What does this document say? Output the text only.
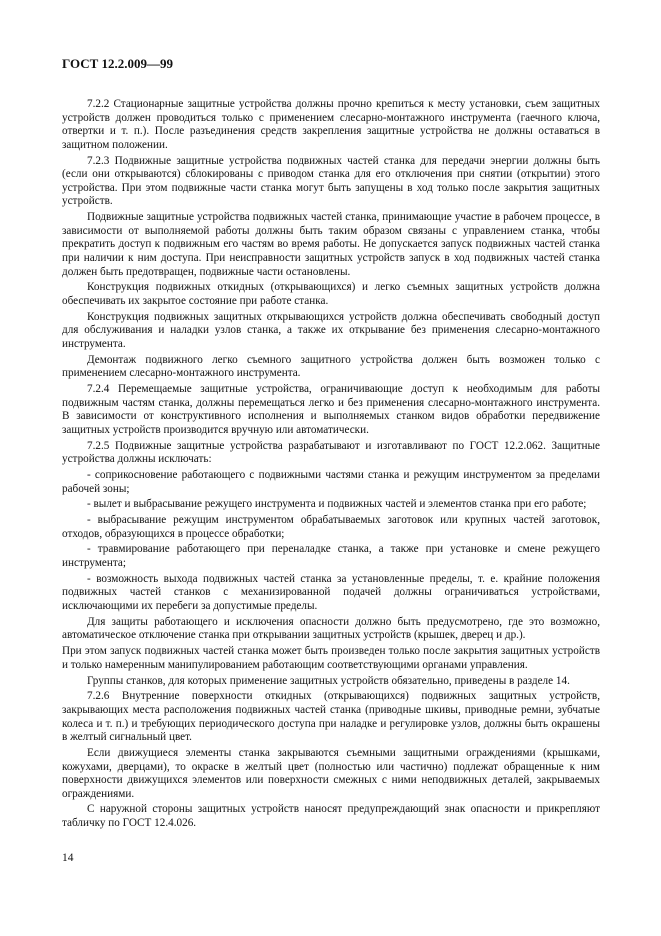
ГОСТ 12.2.009—99

7.2.2 Стационарные защитные устройства должны прочно крепиться к месту установки, съем защитных устройств должен проводиться только с применением слесарно-монтажного инструмента (гаечного ключа, отвертки и т. п.). После разъединения средств закрепления защитные устройства не должны оставаться в защитном положении.

7.2.3 Подвижные защитные устройства подвижных частей станка для передачи энергии должны быть (если они открываются) сблокированы с приводом станка для его отключения при снятии (открытии) этого устройства. При этом подвижные части станка могут быть запущены в ход только после закрытия защитных устройств.

Подвижные защитные устройства подвижных частей станка, принимающие участие в рабочем процессе, в зависимости от выполняемой работы должны быть таким образом связаны с управлением станка, чтобы прекратить доступ к подвижным его частям во время работы. Не допускается запуск подвижных частей станка при наличии к ним доступа. При неисправности защитных устройств запуск в ход подвижных частей станка должен быть предотвращен, подвижные части остановлены.

Конструкция подвижных откидных (открывающихся) и легко съемных защитных устройств должна обеспечивать их закрытое состояние при работе станка.

Конструкция подвижных защитных открывающихся устройств должна обеспечивать свободный доступ для обслуживания и наладки узлов станка, а также их открывание без применения слесарно-монтажного инструмента.

Демонтаж подвижного легко съемного защитного устройства должен быть возможен только с применением слесарно-монтажного инструмента.

7.2.4 Перемещаемые защитные устройства, ограничивающие доступ к необходимым для работы подвижным частям станка, должны перемещаться легко и без применения слесарно-монтажного инструмента. В зависимости от конструктивного исполнения и выполняемых станком видов обработки передвижение защитных устройств производится вручную или автоматически.

7.2.5 Подвижные защитные устройства разрабатывают и изготавливают по ГОСТ 12.2.062. Защитные устройства должны исключать:

- соприкосновение работающего с подвижными частями станка и режущим инструментом за пределами рабочей зоны;

- вылет и выбрасывание режущего инструмента и подвижных частей и элементов станка при его работе;

- выбрасывание режущим инструментом обрабатываемых заготовок или крупных частей заготовок, отходов, образующихся в процессе обработки;

- травмирование работающего при переналадке станка, а также при установке и смене режущего инструмента;

- возможность выхода подвижных частей станка за установленные пределы, т. е. крайние положения подвижных частей станков с механизированной подачей должны ограничиваться устройствами, исключающими их перебеги за допустимые пределы.

Для защиты работающего и исключения опасности должно быть предусмотрено, где это возможно, автоматическое отключение станка при открывании защитных устройств (крышек, дверец и др.).

При этом запуск подвижных частей станка может быть произведен только после закрытия защитных устройств и только намеренным манипулированием работающим соответствующими органами управления.

Группы станков, для которых применение защитных устройств обязательно, приведены в разделе 14.

7.2.6 Внутренние поверхности откидных (открывающихся) подвижных защитных устройств, закрывающих места расположения подвижных частей станка (приводные шкивы, приводные ремни, зубчатые колеса и т. п.) и требующих периодического доступа при наладке и регулировке узлов, должны быть окрашены в желтый сигнальный цвет.

Если движущиеся элементы станка закрываются съемными защитными ограждениями (крышками, кожухами, дверцами), то окраске в желтый цвет (полностью или частично) подлежат обращенные к ним поверхности движущихся элементов или поверхности смежных с ними неподвижных деталей, закрываемых ограждениями.

С наружной стороны защитных устройств наносят предупреждающий знак опасности и прикрепляют табличку по ГОСТ 12.4.026.

14
